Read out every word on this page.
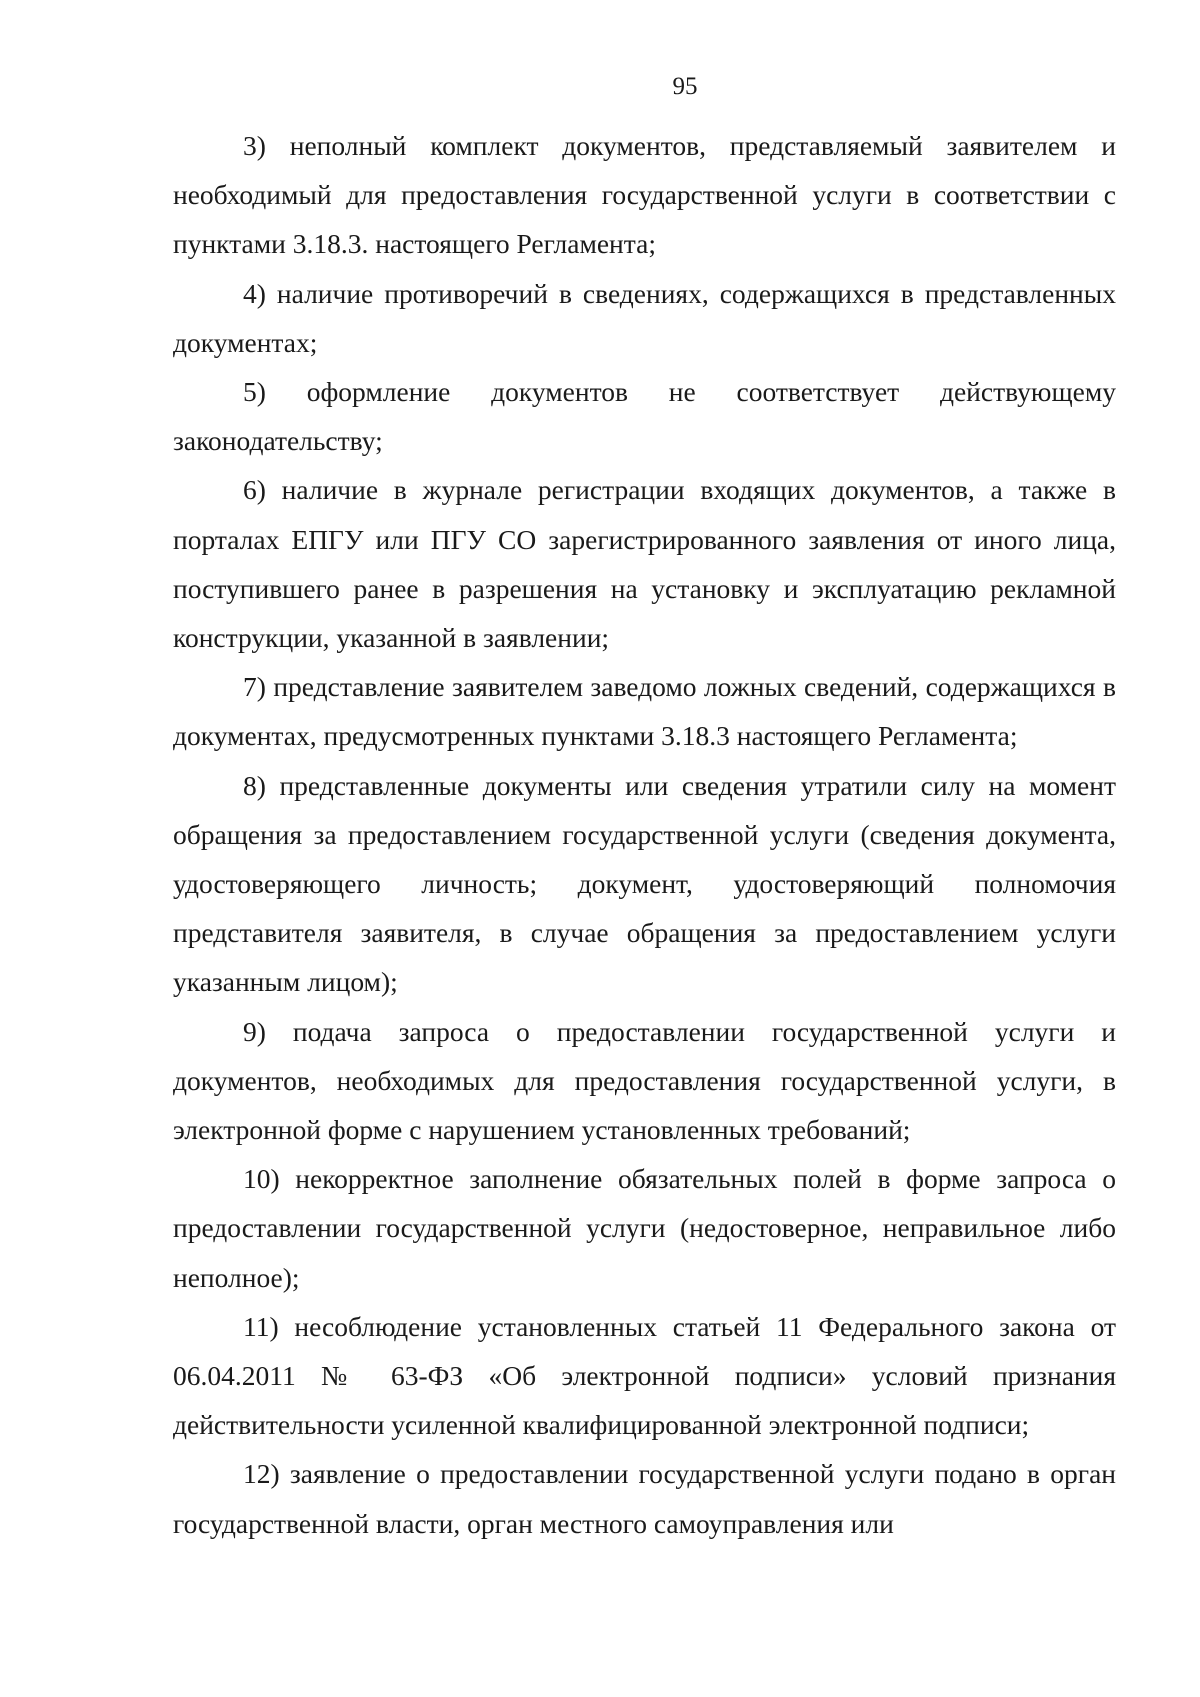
95

3) неполный комплект документов, представляемый заявителем и необходимый для предоставления государственной услуги в соответствии с пунктами 3.18.3. настоящего Регламента;

4) наличие противоречий в сведениях, содержащихся в представленных документах;

5) оформление документов не соответствует действующему законодательству;

6) наличие в журнале регистрации входящих документов, а также в порталах ЕПГУ или ПГУ СО зарегистрированного заявления от иного лица, поступившего ранее в разрешения на установку и эксплуатацию рекламной конструкции, указанной в заявлении;

7) представление заявителем заведомо ложных сведений, содержащихся в документах, предусмотренных пунктами 3.18.3 настоящего Регламента;

8) представленные документы или сведения утратили силу на момент обращения за предоставлением государственной услуги (сведения документа, удостоверяющего личность; документ, удостоверяющий полномочия представителя заявителя, в случае обращения за предоставлением услуги указанным лицом);

9) подача запроса о предоставлении государственной услуги и документов, необходимых для предоставления государственной услуги, в электронной форме с нарушением установленных требований;

10) некорректное заполнение обязательных полей в форме запроса о предоставлении государственной услуги (недостоверное, неправильное либо неполное);

11) несоблюдение установленных статьей 11 Федерального закона от 06.04.2011 № 63-ФЗ «Об электронной подписи» условий признания действительности усиленной квалифицированной электронной подписи;

12) заявление о предоставлении государственной услуги подано в орган государственной власти, орган местного самоуправления или
